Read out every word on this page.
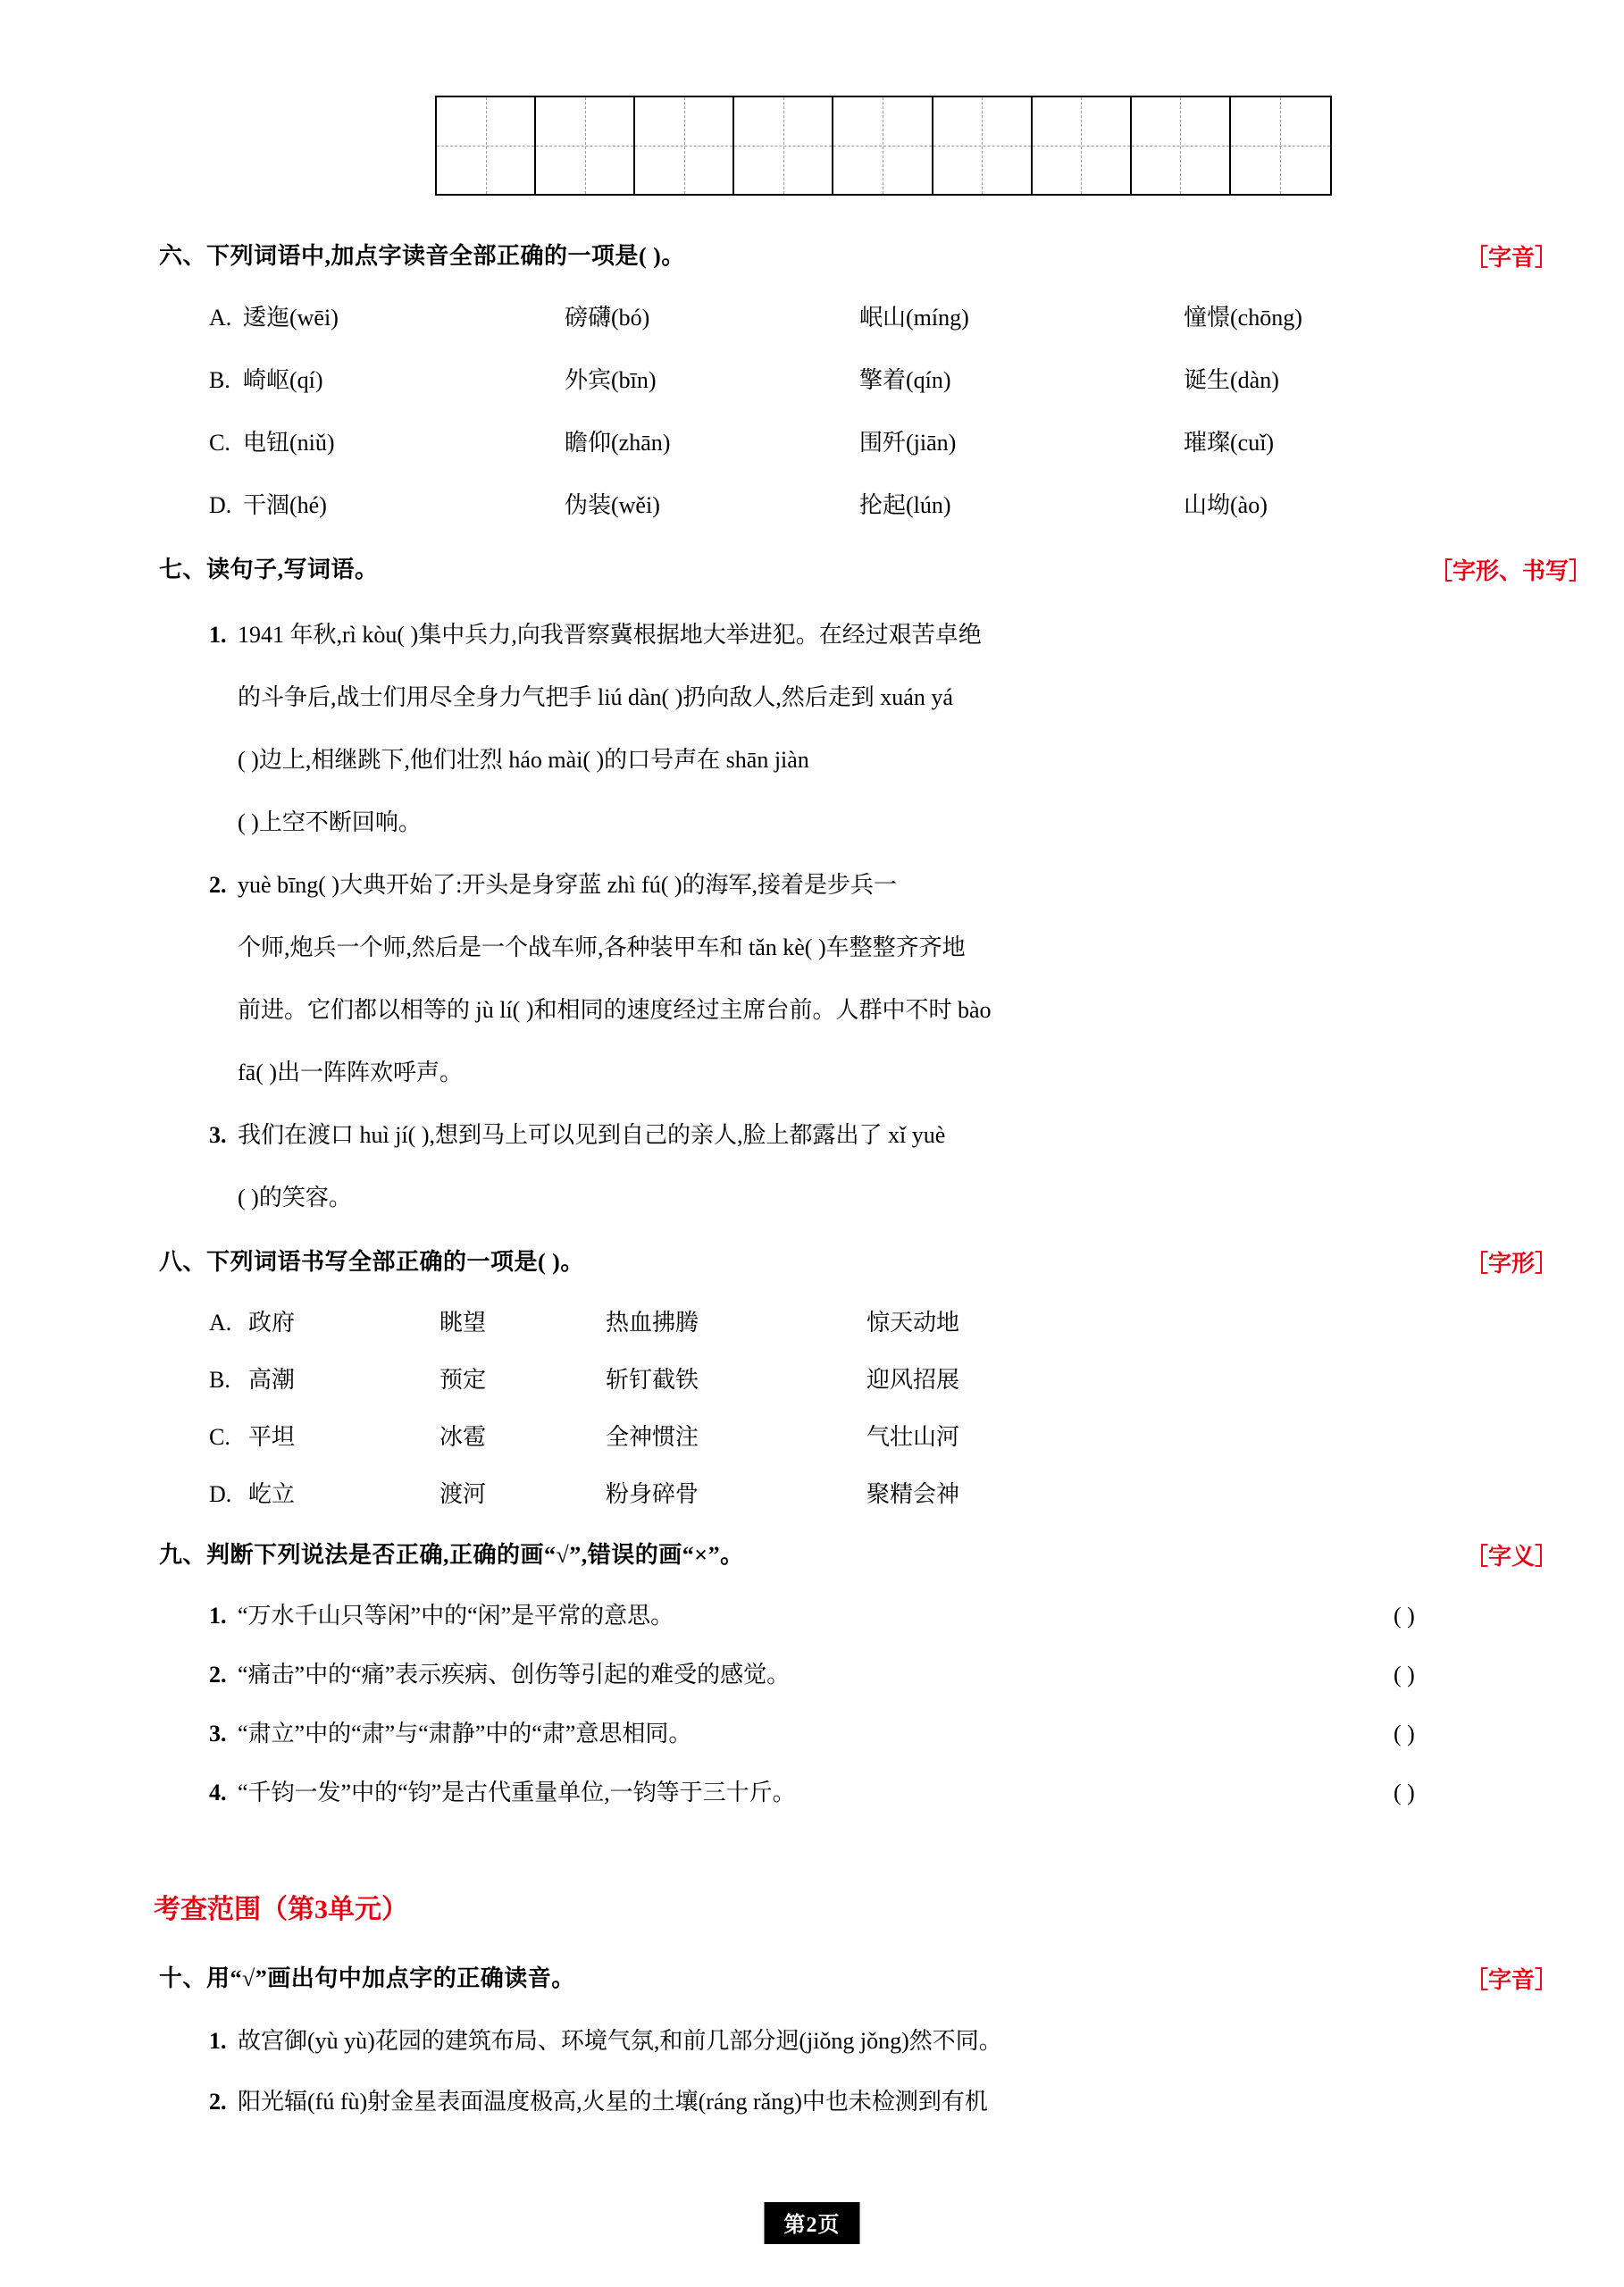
六、下列词语中,加点字读音全部正确的一项是( )。	［字音］
A. 逶迤(wēi)	磅礴(bó)	岷山(míng)	憧憬(chōng)
B. 崎岖(qí)	外宾(bīn)	擎着(qín)	诞生(dàn)
C. 电钮(niǔ)	瞻仰(zhān)	围歼(jiān)	璀璨(cuǐ)
D. 干涸(hé)	伪装(wěi)	抡起(lún)	山坳(ào)
七、读句子,写词语。	［字形、书写］
1. 1941 年秋,rì kòu( )集中兵力,向我晋察冀根据地大举进犯。在经过艰苦卓绝
的斗争后,战士们用尽全身力气把手 liú dàn( )扔向敌人,然后走到 xuán yá
( )边上,相继跳下,他们壮烈 háo mài( )的口号声在 shān jiàn
( )上空不断回响。
2. yuè bīng( )大典开始了:开头是身穿蓝 zhì fú( )的海军,接着是步兵一
个师,炮兵一个师,然后是一个战车师,各种装甲车和 tǎn kè( )车整整齐齐地
前进。它们都以相等的 jù lí( )和相同的速度经过主席台前。人群中不时 bào
fā( )出一阵阵欢呼声。
3. 我们在渡口 huì jí( ),想到马上可以见到自己的亲人,脸上都露出了 xǐ yuè
( )的笑容。
八、下列词语书写全部正确的一项是( )。	［字形］
A. 政府	眺望	热血拂腾	惊天动地
B. 高潮	预定	斩钉截铁	迎风招展
C. 平坦	冰雹	全神惯注	气壮山河
D. 屹立	渡河	粉身碎骨	聚精会神
九、判断下列说法是否正确,正确的画“√”,错误的画“×”。	［字义］
1. “万水千山只等闲”中的“闲”是平常的意思。	( )
2. “痛击”中的“痛”表示疾病、创伤等引起的难受的感觉。	( )
3. “肃立”中的“肃”与“肃静”中的“肃”意思相同。	( )
4. “千钧一发”中的“钧”是古代重量单位,一钧等于三十斤。	( )
考查范围（第3单元）
十、用“√”画出句中加点字的正确读音。	［字音］
1. 故宫御(yù yù)花园的建筑布局、环境气氛,和前几部分迥(jiǒng jǒng)然不同。
2. 阳光辐(fú fù)射金星表面温度极高,火星的土壤(ráng rǎng)中也未检测到有机
第2页
